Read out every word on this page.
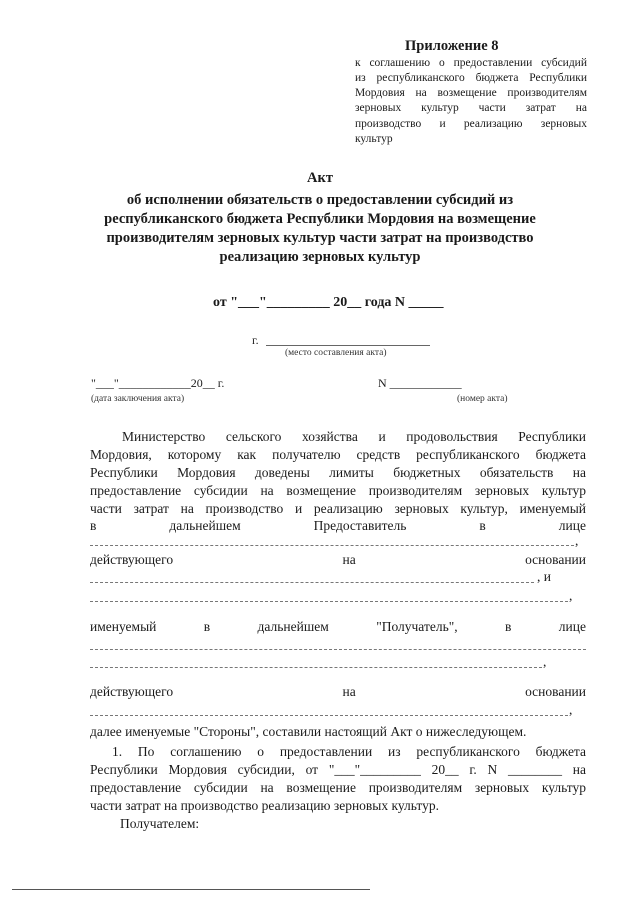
Приложение 8
к соглашению о предоставлении субсидий
из республиканского бюджета Республики
Мордовия на возмещение производителям
зерновых культур части затрат на
производство и реализацию зерновых
культур
Акт
об исполнении обязательств о предоставлении субсидий из
республиканского бюджета Республики Мордовия на возмещение
производителям зерновых культур части затрат на производство
реализацию зерновых культур
от "___"_________ 20__ года N _____
г.
(место составления акта)
"___"____________20__ г.
(дата заключения акта)
N ____________
(номер акта)
Министерство сельского хозяйства и продовольствия Республики
Мордовия, которому как получателю средств республиканского бюджета
Республики Мордовия доведены лимиты бюджетных обязательств на
предоставление субсидии на возмещение производителям зерновых культур
части затрат на производство и реализацию зерновых культур, именуемый
в	дальнейшем	Предоставитель	в	лице
,
действующего	на	основании
, и
,
именуемый	в	дальнейшем	"Получатель",	в	лице
,
действующего	на	основании
,
далее именуемые "Стороны", составили настоящий Акт о нижеследующем.
1. По соглашению о предоставлении из республиканского бюджета
Республики Мордовия субсидии, от "___"_________ 20__ г. N ________ на
предоставление субсидии на возмещение производителям зерновых культур
части затрат на производство реализацию зерновых культур.
Получателем:
